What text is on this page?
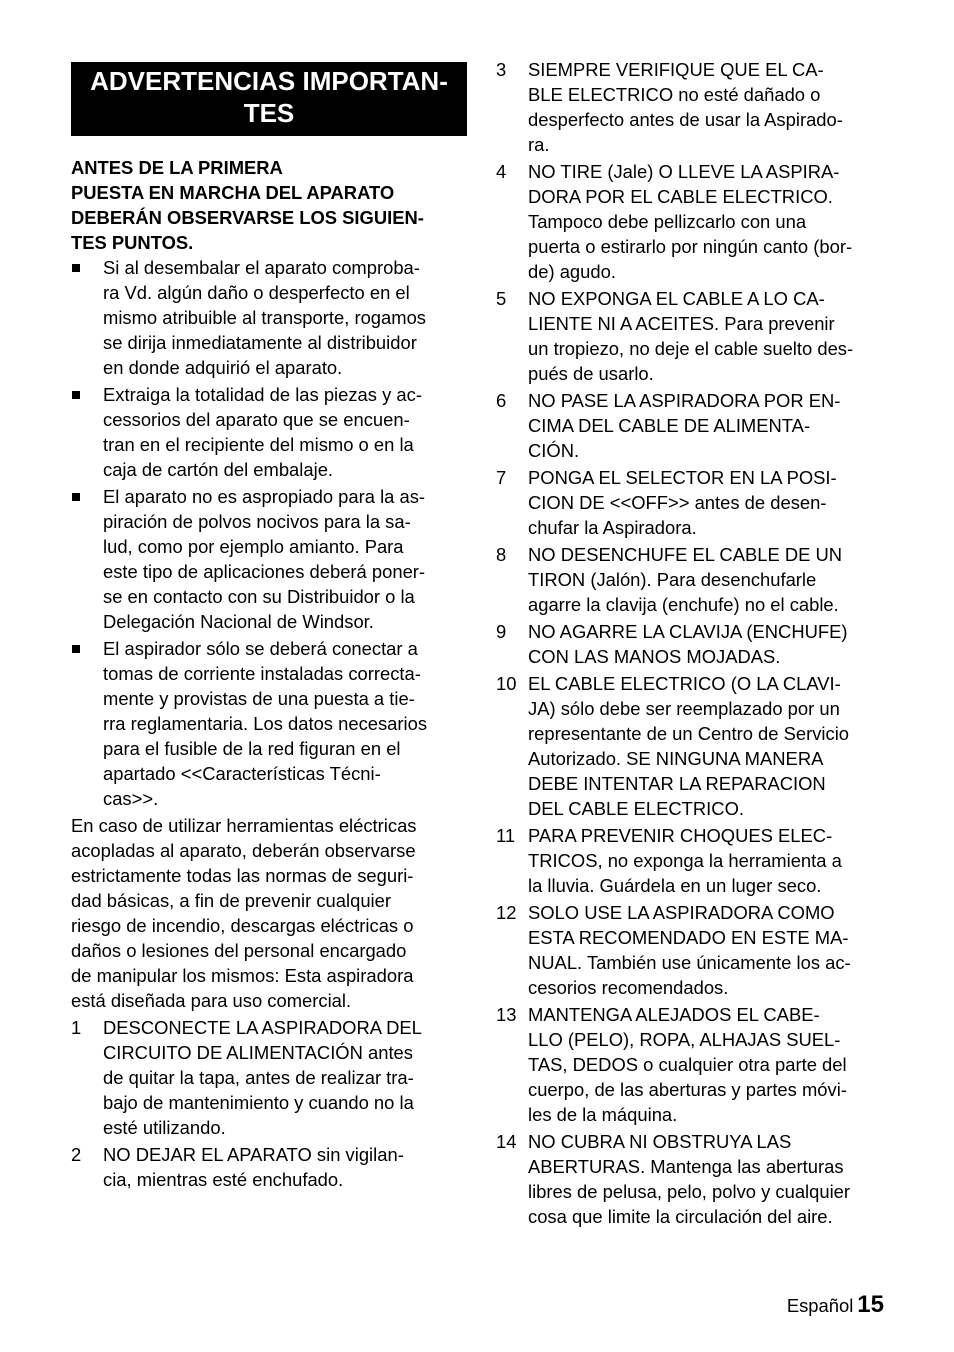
ADVERTENCIAS IMPORTAN-
TES
ANTES DE LA PRIMERA
PUESTA EN MARCHA DEL APARATO
DEBERÁN OBSERVARSE LOS SIGUIEN-
TES PUNTOS.
Si al desembalar el aparato comproba-
ra Vd. algún daño o desperfecto en el
mismo atribuible al transporte, rogamos
se dirija inmediatamente al distribuidor
en donde adquirió el aparato.
Extraiga la totalidad de las piezas y ac-
cessorios del aparato que se encuen-
tran en el recipiente del mismo o en la
caja de cartón del embalaje.
El aparato no es aspropiado para la as-
piración de polvos nocivos para la sa-
lud, como por ejemplo amianto. Para
este tipo de aplicaciones deberá poner-
se en contacto con su Distribuidor o la
Delegación Nacional de Windsor.
El aspirador sólo se deberá conectar a
tomas de corriente instaladas correcta-
mente y provistas de una puesta a tie-
rra reglamentaria. Los datos necesarios
para el fusible de la red figuran en el
apartado <<Características Técni-
cas>>.

En caso de utilizar herramientas eléctricas
acopladas al aparato, deberán observarse
estrictamente todas las normas de seguri-
dad básicas, a fin de prevenir cualquier
riesgo de incendio, descargas eléctricas o
daños o lesiones del personal encargado
de manipular los mismos: Esta aspiradora
está diseñada para uso comercial.

1 DESCONECTE LA ASPIRADORA DEL
CIRCUITO DE ALIMENTACIÓN antes
de quitar la tapa, antes de realizar tra-
bajo de mantenimiento y cuando no la
esté utilizando.
2 NO DEJAR EL APARATO sin vigilan-
cia, mientras esté enchufado.
3 SIEMPRE VERIFIQUE QUE EL CA-
BLE ELECTRICO no esté dañado o
desperfecto antes de usar la Aspirado-
ra.
4 NO TIRE (Jale) O LLEVE LA ASPIRA-
DORA POR EL CABLE ELECTRICO.
Tampoco debe pellizcarlo con una
puerta o estirarlo por ningún canto (bor-
de) agudo.
5 NO EXPONGA EL CABLE A LO CA-
LIENTE NI A ACEITES. Para prevenir
un tropiezo, no deje el cable suelto des-
pués de usarlo.
6 NO PASE LA ASPIRADORA POR EN-
CIMA DEL CABLE DE ALIMENTA-
CIÓN.
7 PONGA EL SELECTOR EN LA POSI-
CION DE <<OFF>> antes de desen-
chufar la Aspiradora.
8 NO DESENCHUFE EL CABLE DE UN
TIRON (Jalón). Para desenchufarle
agarre la clavija (enchufe) no el cable.
9 NO AGARRE LA CLAVIJA (ENCHUFE)
CON LAS MANOS MOJADAS.
10 EL CABLE ELECTRICO (O LA CLAVI-
JA) sólo debe ser reemplazado por un
representante de un Centro de Servicio
Autorizado. SE NINGUNA MANERA
DEBE INTENTAR LA REPARACION
DEL CABLE ELECTRICO.
11 PARA PREVENIR CHOQUES ELEC-
TRICOS, no exponga la herramienta a
la lluvia. Guárdela en un luger seco.
12 SOLO USE LA ASPIRADORA COMO
ESTA RECOMENDADO EN ESTE MA-
NUAL. También use únicamente los ac-
cesorios recomendados.
13 MANTENGA ALEJADOS EL CABE-
LLO (PELO), ROPA, ALHAJAS SUEL-
TAS, DEDOS o cualquier otra parte del
cuerpo, de las aberturas y partes móvi-
les de la máquina.
14 NO CUBRA NI OBSTRUYA LAS
ABERTURAS. Mantenga las aberturas
libres de pelusa, pelo, polvo y cualquier
cosa que limite la circulación del aire.
Español 15
